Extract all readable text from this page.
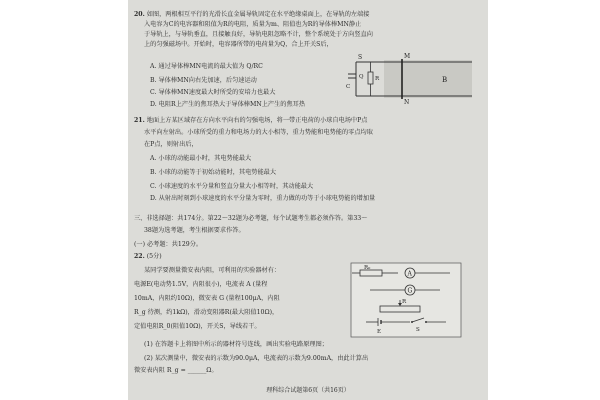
20. 如图，两根相互平行的光滑长直金属导轨固定在水平绝缘桌面上，在导轨的左端接
入电容为C的电容器和阻值为R的电阻，质量为m、阻值也为R的导体棒MN静止
于导轨上，与导轨垂直，且接触良好，导轨电阻忽略不计，整个系统处于方向竖直向
上的匀强磁场中。开始时，电容器所带的电荷量为Q，合上开关S后，
A. 通过导体棒MN电流的最大值为 Q/RC
B. 导体棒MN向右先加速，后匀速运动
C. 导体棒MN速度最大时所受的安培力也最大
D. 电阻R上产生的焦耳热大于导体棒MN上产生的焦耳热
S	M
N
B
Q R
C
21. 地面上方某区域存在方向水平向右的匀强电场，将一带正电荷的小球自电场中P点
水平向左射出。小球所受的重力和电场力的大小相等，重力势能和电势能的零点均取
在P点，则射出后，
A. 小球的动能最小时，其电势能最大
B. 小球的动能等于初始动能时，其电势能最大
C. 小球速度的水平分量和竖直分量大小相等时，其动能最大
D. 从射出时刻到小球速度的水平分量为零时，重力做的功等于小球电势能的增加量
三、非选择题：共174分。第22～32题为必考题，每个试题考生都必须作答。第33～
38题为选考题，考生根据要求作答。
(一) 必考题：共129分。
22. (5分)
某同学要测量微安表内阻，可利用的实验器材有：
电源E(电动势1.5V，内阻很小)，电流表 A (量程
10mA，内阻约10Ω)，微安表 G (量程100μA，内阻
R_g 待测，约1kΩ)，滑动变阻器R(最大阻值10Ω)，
定值电阻R_0(阻值10Ω)，开关S，导线若干。
(1) 在答题卡上将图中所示的器材符号连线，画出实验电路原理图；
(2) 某次测量中，微安表的示数为90.0μA，电流表的示数为9.00mA，由此计算出
微安表内阻 R_g = ______Ω。
R₀
A
G
R
E	S
理科综合试题第6页（共16页）
